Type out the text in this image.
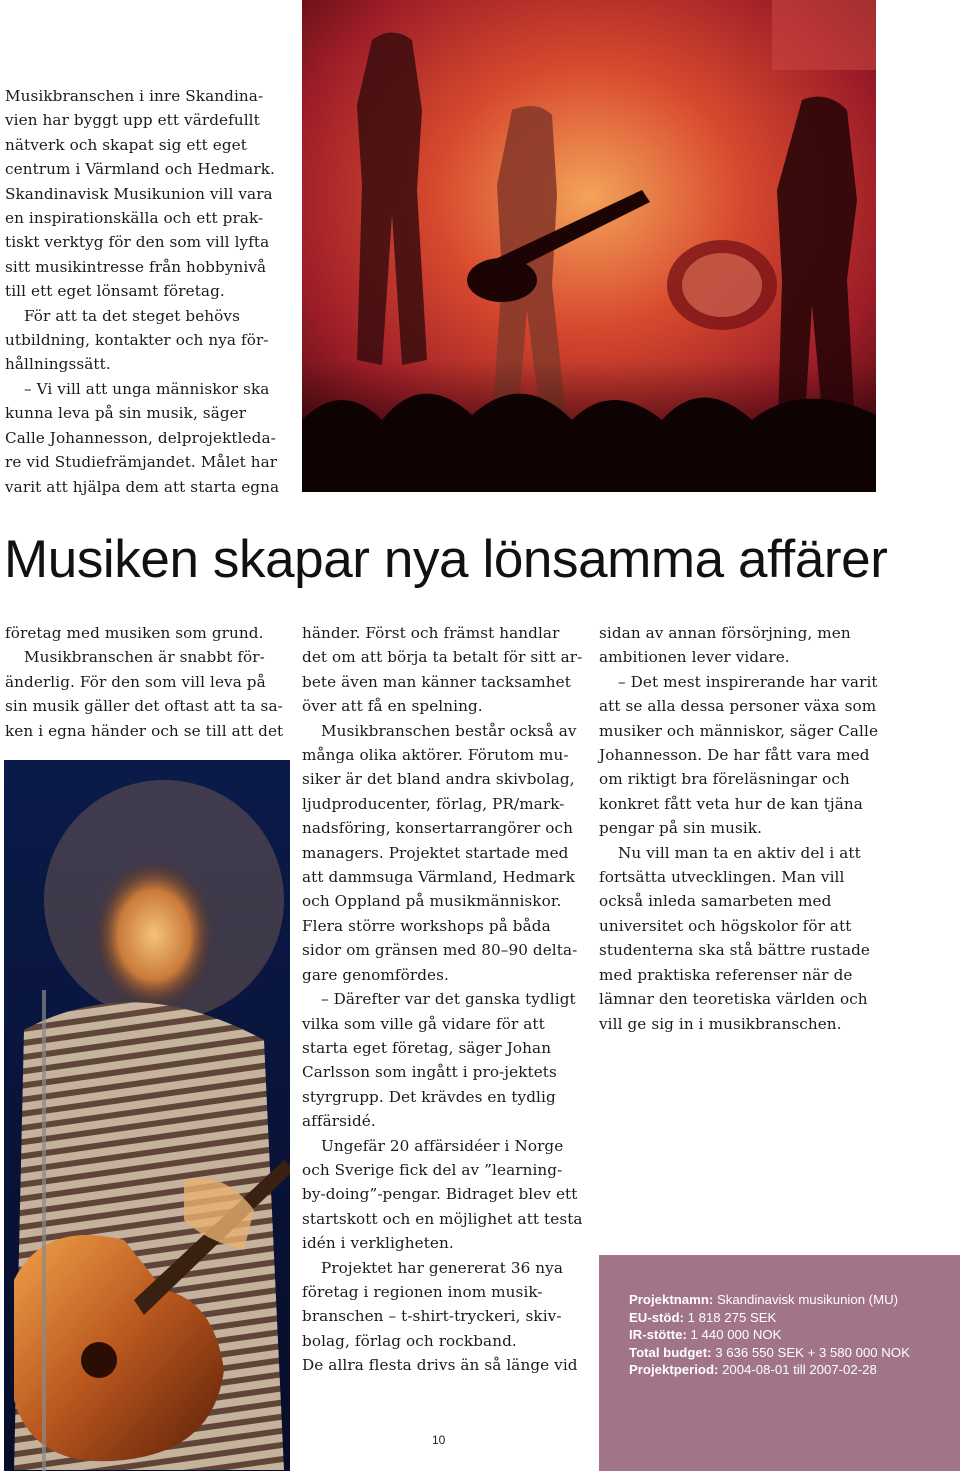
Musikbranschen i inre Skandina-vien har byggt upp ett värdefullt nätverk och skapat sig ett eget centrum i Värmland och Hedmark. Skandinavisk Musikunion vill vara en inspirationskälla och ett prak-tiskt verktyg för den som vill lyfta sitt musikintresse från hobbynivå till ett eget lönsamt företag.

För att ta det steget behövs utbildning, kontakter och nya för-hållningssätt.

– Vi vill att unga människor ska kunna leva på sin musik, säger Calle Johannesson, delprojektleda-re vid Studiefrämjandet. Målet har varit att hjälpa dem att starta egna

Musiken skapar nya lönsamma affärer

företag med musiken som grund.

Musikbranschen är snabbt för-änderlig. För den som vill leva på sin musik gäller det oftast att ta sa-ken i egna händer och se till att det

händer. Först och främst handlar det om att börja ta betalt för sitt ar-bete även man känner tacksamhet över att få en spelning.

Musikbranschen består också av många olika aktörer. Förutom mu-siker är det bland andra skivbolag, ljudproducenter, förlag, PR/mark-nadsföring, konsertarrangörer och managers. Projektet startade med att dammsuga Värmland, Hedmark och Oppland på musikmänniskor. Flera större workshops på båda sidor om gränsen med 80–90 delta-gare genomfördes.

– Därefter var det ganska tydligt vilka som ville gå vidare för att starta eget företag, säger Johan Carlsson som ingått i pro-jektets styrgrupp. Det krävdes en tydlig affärsidé.

Ungefär 20 affärsidéer i Norge och Sverige fick del av ”learning-by-doing”-pengar. Bidraget blev ett startskott och en möjlighet att testa idén i verkligheten.

Projektet har genererat 36 nya företag i regionen inom musik-branschen – t-shirt-tryckeri, skiv-bolag, förlag och rockband.

De allra flesta drivs än så länge vid

sidan av annan försörjning, men ambitionen lever vidare.

– Det mest inspirerande har varit att se alla dessa personer växa som musiker och människor, säger Calle Johannesson. De har fått vara med om riktigt bra föreläsningar och konkret fått veta hur de kan tjäna pengar på sin musik.

Nu vill man ta en aktiv del i att fortsätta utvecklingen. Man vill också inleda samarbeten med universitet och högskolor för att studenterna ska stå bättre rustade med praktiska referenser när de lämnar den teoretiska världen och vill ge sig in i musikbranschen.

Projektnamn: Skandinavisk musikunion (MU)
EU-stöd: 1 818 275 SEK
IR-stötte: 1 440 000 NOK
Total budget: 3 636 550 SEK + 3 580 000 NOK
Projektperiod: 2004-08-01 till 2007-02-28
10
